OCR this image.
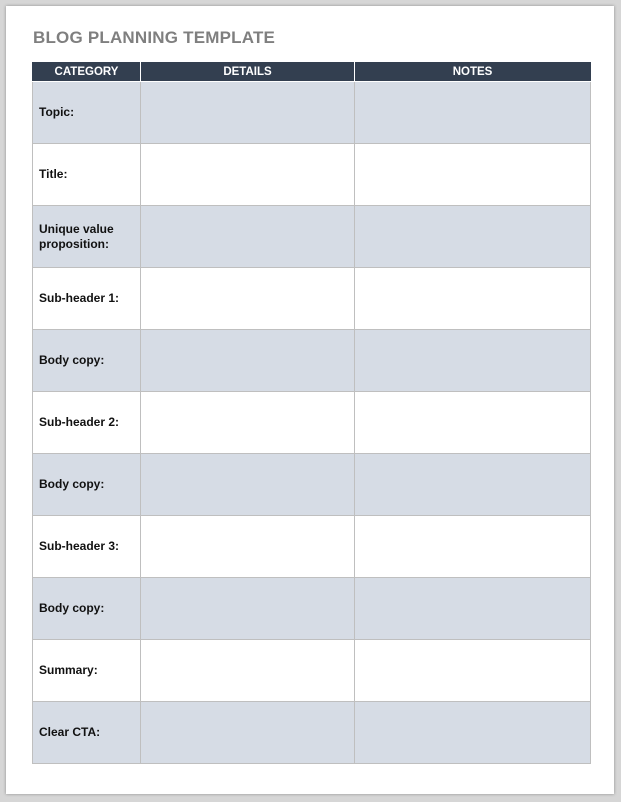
BLOG PLANNING TEMPLATE
CATEGORY	DETAILS	NOTES
Topic:		
Title:		
Unique value proposition:		
Sub-header 1:		
Body copy:		
Sub-header 2:		
Body copy:		
Sub-header 3:		
Body copy:		
Summary:		
Clear CTA:		
